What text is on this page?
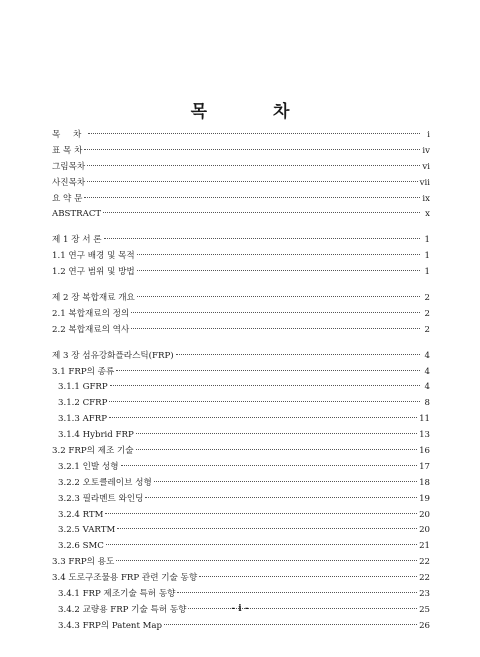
목 차
목 차	i
표 목 차	iv
그림목차	vi
사진목차	vii
요 약 문	ix
ABSTRACT	x
제 1 장 서 론	1
1.1 연구 배경 및 목적	1
1.2 연구 범위 및 방법	1
제 2 장 복합재료 개요	2
2.1 복합재료의 정의	2
2.2 복합재료의 역사	2
제 3 장 섬유강화플라스틱(FRP)	4
3.1 FRP의 종류	4
3.1.1 GFRP	4
3.1.2 CFRP	8
3.1.3 AFRP	11
3.1.4 Hybrid FRP	13
3.2 FRP의 제조 기술	16
3.2.1 인발 성형	17
3.2.2 오토클레이브 성형	18
3.2.3 필라멘트 와인딩	19
3.2.4 RTM	20
3.2.5 VARTM	20
3.2.6 SMC	21
3.3 FRP의 용도	22
3.4 도로구조물용 FRP 관련 기술 동향	22
3.4.1 FRP 제조기술 특허 동향	23
3.4.2 교량용 FRP 기술 특허 동향	25
3.4.3 FRP의 Patent Map	26
- i -
